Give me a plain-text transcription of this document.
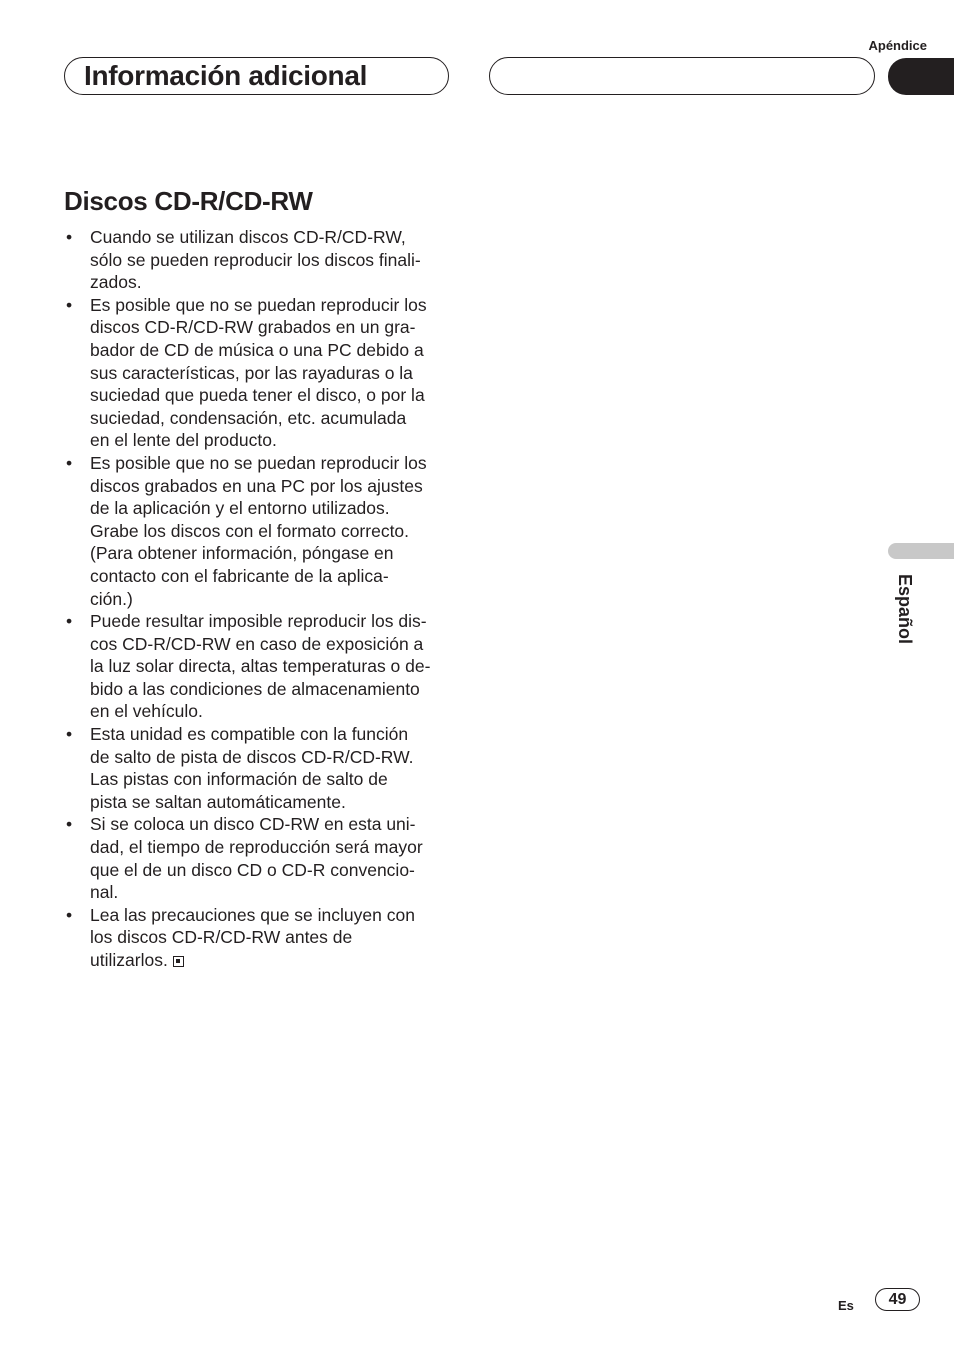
Apéndice
Información adicional
Discos CD-R/CD-RW
• Cuando se utilizan discos CD-R/CD-RW,
sólo se pueden reproducir los discos finali-
zados.
• Es posible que no se puedan reproducir los
discos CD-R/CD-RW grabados en un gra-
bador de CD de música o una PC debido a
sus características, por las rayaduras o la
suciedad que pueda tener el disco, o por la
suciedad, condensación, etc. acumulada
en el lente del producto.
• Es posible que no se puedan reproducir los
discos grabados en una PC por los ajustes
de la aplicación y el entorno utilizados.
Grabe los discos con el formato correcto.
(Para obtener información, póngase en
contacto con el fabricante de la aplica-
ción.)
• Puede resultar imposible reproducir los dis-
cos CD-R/CD-RW en caso de exposición a
la luz solar directa, altas temperaturas o de-
bido a las condiciones de almacenamiento
en el vehículo.
• Esta unidad es compatible con la función
de salto de pista de discos CD-R/CD-RW.
Las pistas con información de salto de
pista se saltan automáticamente.
• Si se coloca un disco CD-RW en esta uni-
dad, el tiempo de reproducción será mayor
que el de un disco CD o CD-R convencio-
nal.
• Lea las precauciones que se incluyen con
los discos CD-R/CD-RW antes de
utilizarlos.
Español
Es	49
